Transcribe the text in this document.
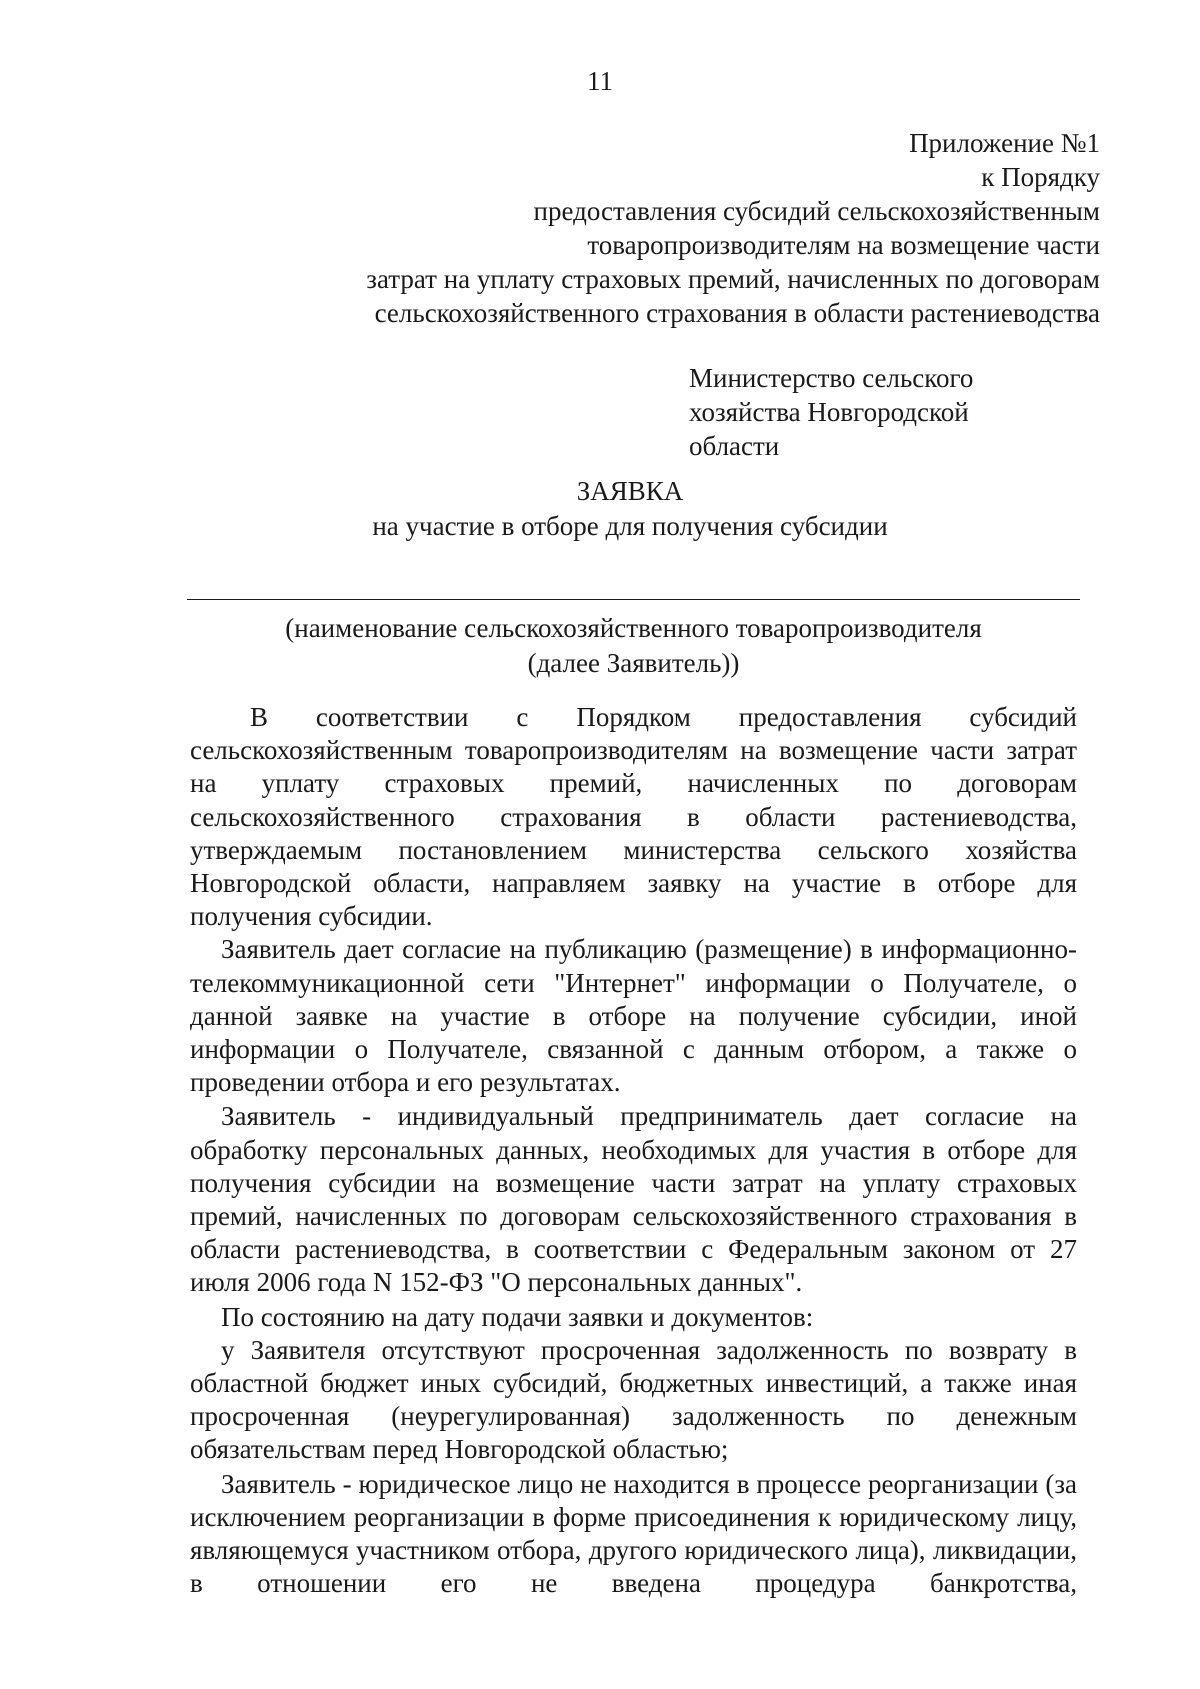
11
Приложение №1
к Порядку
предоставления субсидий сельскохозяйственным
товаропроизводителям на возмещение части
затрат на уплату страховых премий, начисленных по договорам
сельскохозяйственного страхования в области растениеводства
Министерство сельского
хозяйства Новгородской
области
ЗАЯВКА
на участие в отборе для получения субсидии
(наименование сельскохозяйственного товаропроизводителя
(далее Заявитель))

В соответствии с Порядком предоставления субсидий сельскохозяйственным товаропроизводителям на возмещение части затрат на уплату страховых премий, начисленных по договорам сельскохозяйственного страхования в области растениеводства, утверждаемым постановлением министерства сельского хозяйства Новгородской области, направляем заявку на участие в отборе для получения субсидии.

Заявитель дает согласие на публикацию (размещение) в информационно-телекоммуникационной сети "Интернет" информации о Получателе, о данной заявке на участие в отборе на получение субсидии, иной информации о Получателе, связанной с данным отбором, а также о проведении отбора и его результатах.

Заявитель - индивидуальный предприниматель дает согласие на обработку персональных данных, необходимых для участия в отборе для получения субсидии на возмещение части затрат на уплату страховых премий, начисленных по договорам сельскохозяйственного страхования в области растениеводства, в соответствии с Федеральным законом от 27 июля 2006 года N 152-ФЗ "О персональных данных".

По состоянию на дату подачи заявки и документов:

у Заявителя отсутствуют просроченная задолженность по возврату в областной бюджет иных субсидий, бюджетных инвестиций, а также иная просроченная (неурегулированная) задолженность по денежным обязательствам перед Новгородской областью;

Заявитель - юридическое лицо не находится в процессе реорганизации (за исключением реорганизации в форме присоединения к юридическому лицу, являющемуся участником отбора, другого юридического лица), ликвидации, в отношении его не введена процедура банкротства,
